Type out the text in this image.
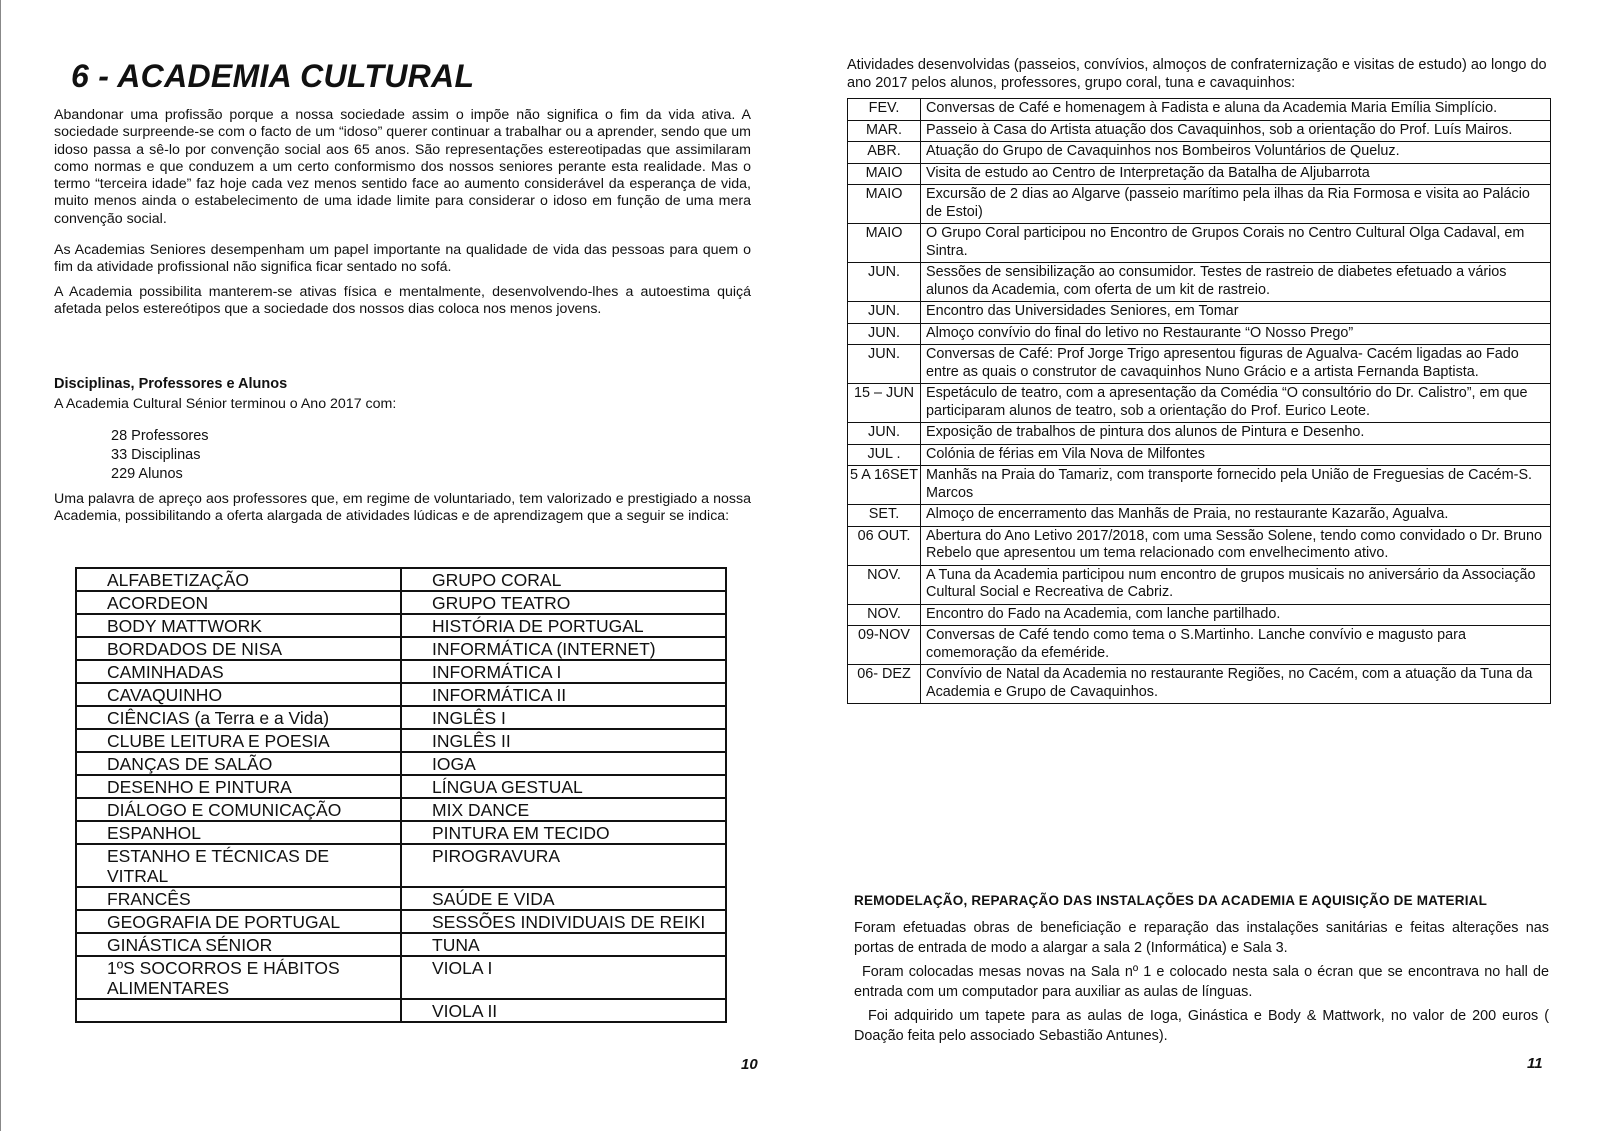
6 - ACADEMIA CULTURAL

Abandonar uma profissão porque a nossa sociedade assim o impõe não significa o fim da vida ativa. A sociedade surpreende-se com o facto de um “idoso” querer continuar a trabalhar ou a aprender, sendo que um idoso passa a sê-lo por convenção social aos 65 anos. São representações estereotipadas que assimilaram como normas e que conduzem a um certo conformismo dos nossos seniores perante esta realidade. Mas o termo “terceira idade” faz hoje cada vez menos sentido face ao aumento considerável da esperança de vida, muito menos ainda o estabelecimento de uma idade limite para considerar o idoso em função de uma mera convenção social.

As Academias Seniores desempenham um papel importante na qualidade de vida das pessoas para quem o fim da atividade profissional não significa ficar sentado no sofá.

A Academia possibilita manterem-se ativas física e mentalmente, desenvolvendo-lhes a autoestima quiçá afetada pelos estereótipos que a sociedade dos nossos dias coloca nos menos jovens.

Disciplinas, Professores e Alunos

A Academia Cultural Sénior terminou o Ano 2017 com:

28 Professores
33 Disciplinas
229 Alunos

Uma palavra de apreço aos professores que, em regime de voluntariado, tem valorizado e prestigiado a nossa Academia, possibilitando a oferta alargada de atividades lúdicas e de aprendizagem que a seguir se indica:

ALFABETIZAÇÃO	GRUPO CORAL
ACORDEON	GRUPO TEATRO
BODY MATTWORK	HISTÓRIA DE PORTUGAL
BORDADOS DE NISA	INFORMÁTICA (INTERNET)
CAMINHADAS	INFORMÁTICA I
CAVAQUINHO	INFORMÁTICA II
CIÊNCIAS (a Terra e a Vida)	INGLÊS I
CLUBE LEITURA E POESIA	INGLÊS II
DANÇAS DE SALÃO	IOGA
DESENHO E PINTURA	LÍNGUA GESTUAL
DIÁLOGO E COMUNICAÇÃO	MIX DANCE
ESPANHOL	PINTURA EM TECIDO
ESTANHO E TÉCNICAS DE VITRAL	PIROGRAVURA
FRANCÊS	SAÚDE E VIDA
GEOGRAFIA DE PORTUGAL	SESSÕES INDIVIDUAIS DE REIKI
GINÁSTICA SÉNIOR	TUNA
1ºS SOCORROS E HÁBITOS ALIMENTARES	VIOLA I
	VIOLA II
10

Atividades desenvolvidas (passeios, convívios, almoços de confraternização e visitas de estudo) ao longo do ano 2017 pelos alunos, professores, grupo coral, tuna e cavaquinhos:

FEV.	Conversas de Café e homenagem à Fadista e aluna da Academia Maria Emília Simplício.
MAR.	Passeio à Casa do Artista atuação dos Cavaquinhos, sob a orientação do Prof. Luís Mairos.
ABR.	Atuação do Grupo de Cavaquinhos nos Bombeiros Voluntários de Queluz.
MAIO	Visita de estudo ao Centro de Interpretação da Batalha de Aljubarrota
MAIO	Excursão de 2 dias ao Algarve (passeio marítimo pela ilhas da Ria Formosa e visita ao Palácio de Estoi)
MAIO	O Grupo Coral participou no Encontro de Grupos Corais no Centro Cultural Olga Cadaval, em Sintra.
JUN.	Sessões de sensibilização ao consumidor. Testes de rastreio de diabetes efetuado a vários alunos da Academia, com oferta de um kit de rastreio.
JUN.	Encontro das Universidades Seniores, em Tomar
JUN.	Almoço convívio do final do letivo no Restaurante “O Nosso Prego”
JUN.	Conversas de Café: Prof Jorge Trigo apresentou figuras de Agualva- Cacém ligadas ao Fado entre as quais o construtor de cavaquinhos Nuno Grácio e a artista Fernanda Baptista.
15 – JUN	Espetáculo de teatro, com a apresentação da Comédia “O consultório do Dr. Calistro”, em que participaram alunos de teatro, sob a orientação do Prof. Eurico Leote.
JUN.	Exposição de trabalhos de pintura dos alunos de Pintura e Desenho.
JUL .	Colónia de férias em Vila Nova de Milfontes
5 A 16SET	Manhãs na Praia do Tamariz, com transporte fornecido pela União de Freguesias de Cacém-S. Marcos
SET.	Almoço de encerramento das Manhãs de Praia, no restaurante Kazarão, Agualva.
06 OUT.	Abertura do Ano Letivo 2017/2018, com uma Sessão Solene, tendo como convidado o Dr. Bruno Rebelo que apresentou um tema relacionado com envelhecimento ativo.
NOV.	A Tuna da Academia participou num encontro de grupos musicais no aniversário da Associação Cultural Social e Recreativa de Cabriz.
NOV.	Encontro do Fado na Academia, com lanche partilhado.
09-NOV	Conversas de Café tendo como tema o S.Martinho. Lanche convívio e magusto para comemoração da efeméride.
06- DEZ	Convívio de Natal da Academia no restaurante Regiões, no Cacém, com a atuação da Tuna da Academia e Grupo de Cavaquinhos.
REMODELAÇÃO, REPARAÇÃO DAS INSTALAÇÕES DA ACADEMIA E AQUISIÇÃO DE MATERIAL

Foram efetuadas obras de beneficiação e reparação das instalações sanitárias e feitas alterações nas portas de entrada de modo a alargar a sala 2 (Informática) e Sala 3.

Foram colocadas mesas novas na Sala nº 1 e colocado nesta sala o écran que se encontrava no hall de entrada com um computador para auxiliar as aulas de línguas.

Foi adquirido um tapete para as aulas de Ioga, Ginástica e Body & Mattwork, no valor de 200 euros ( Doação feita pelo associado Sebastião Antunes).

11
